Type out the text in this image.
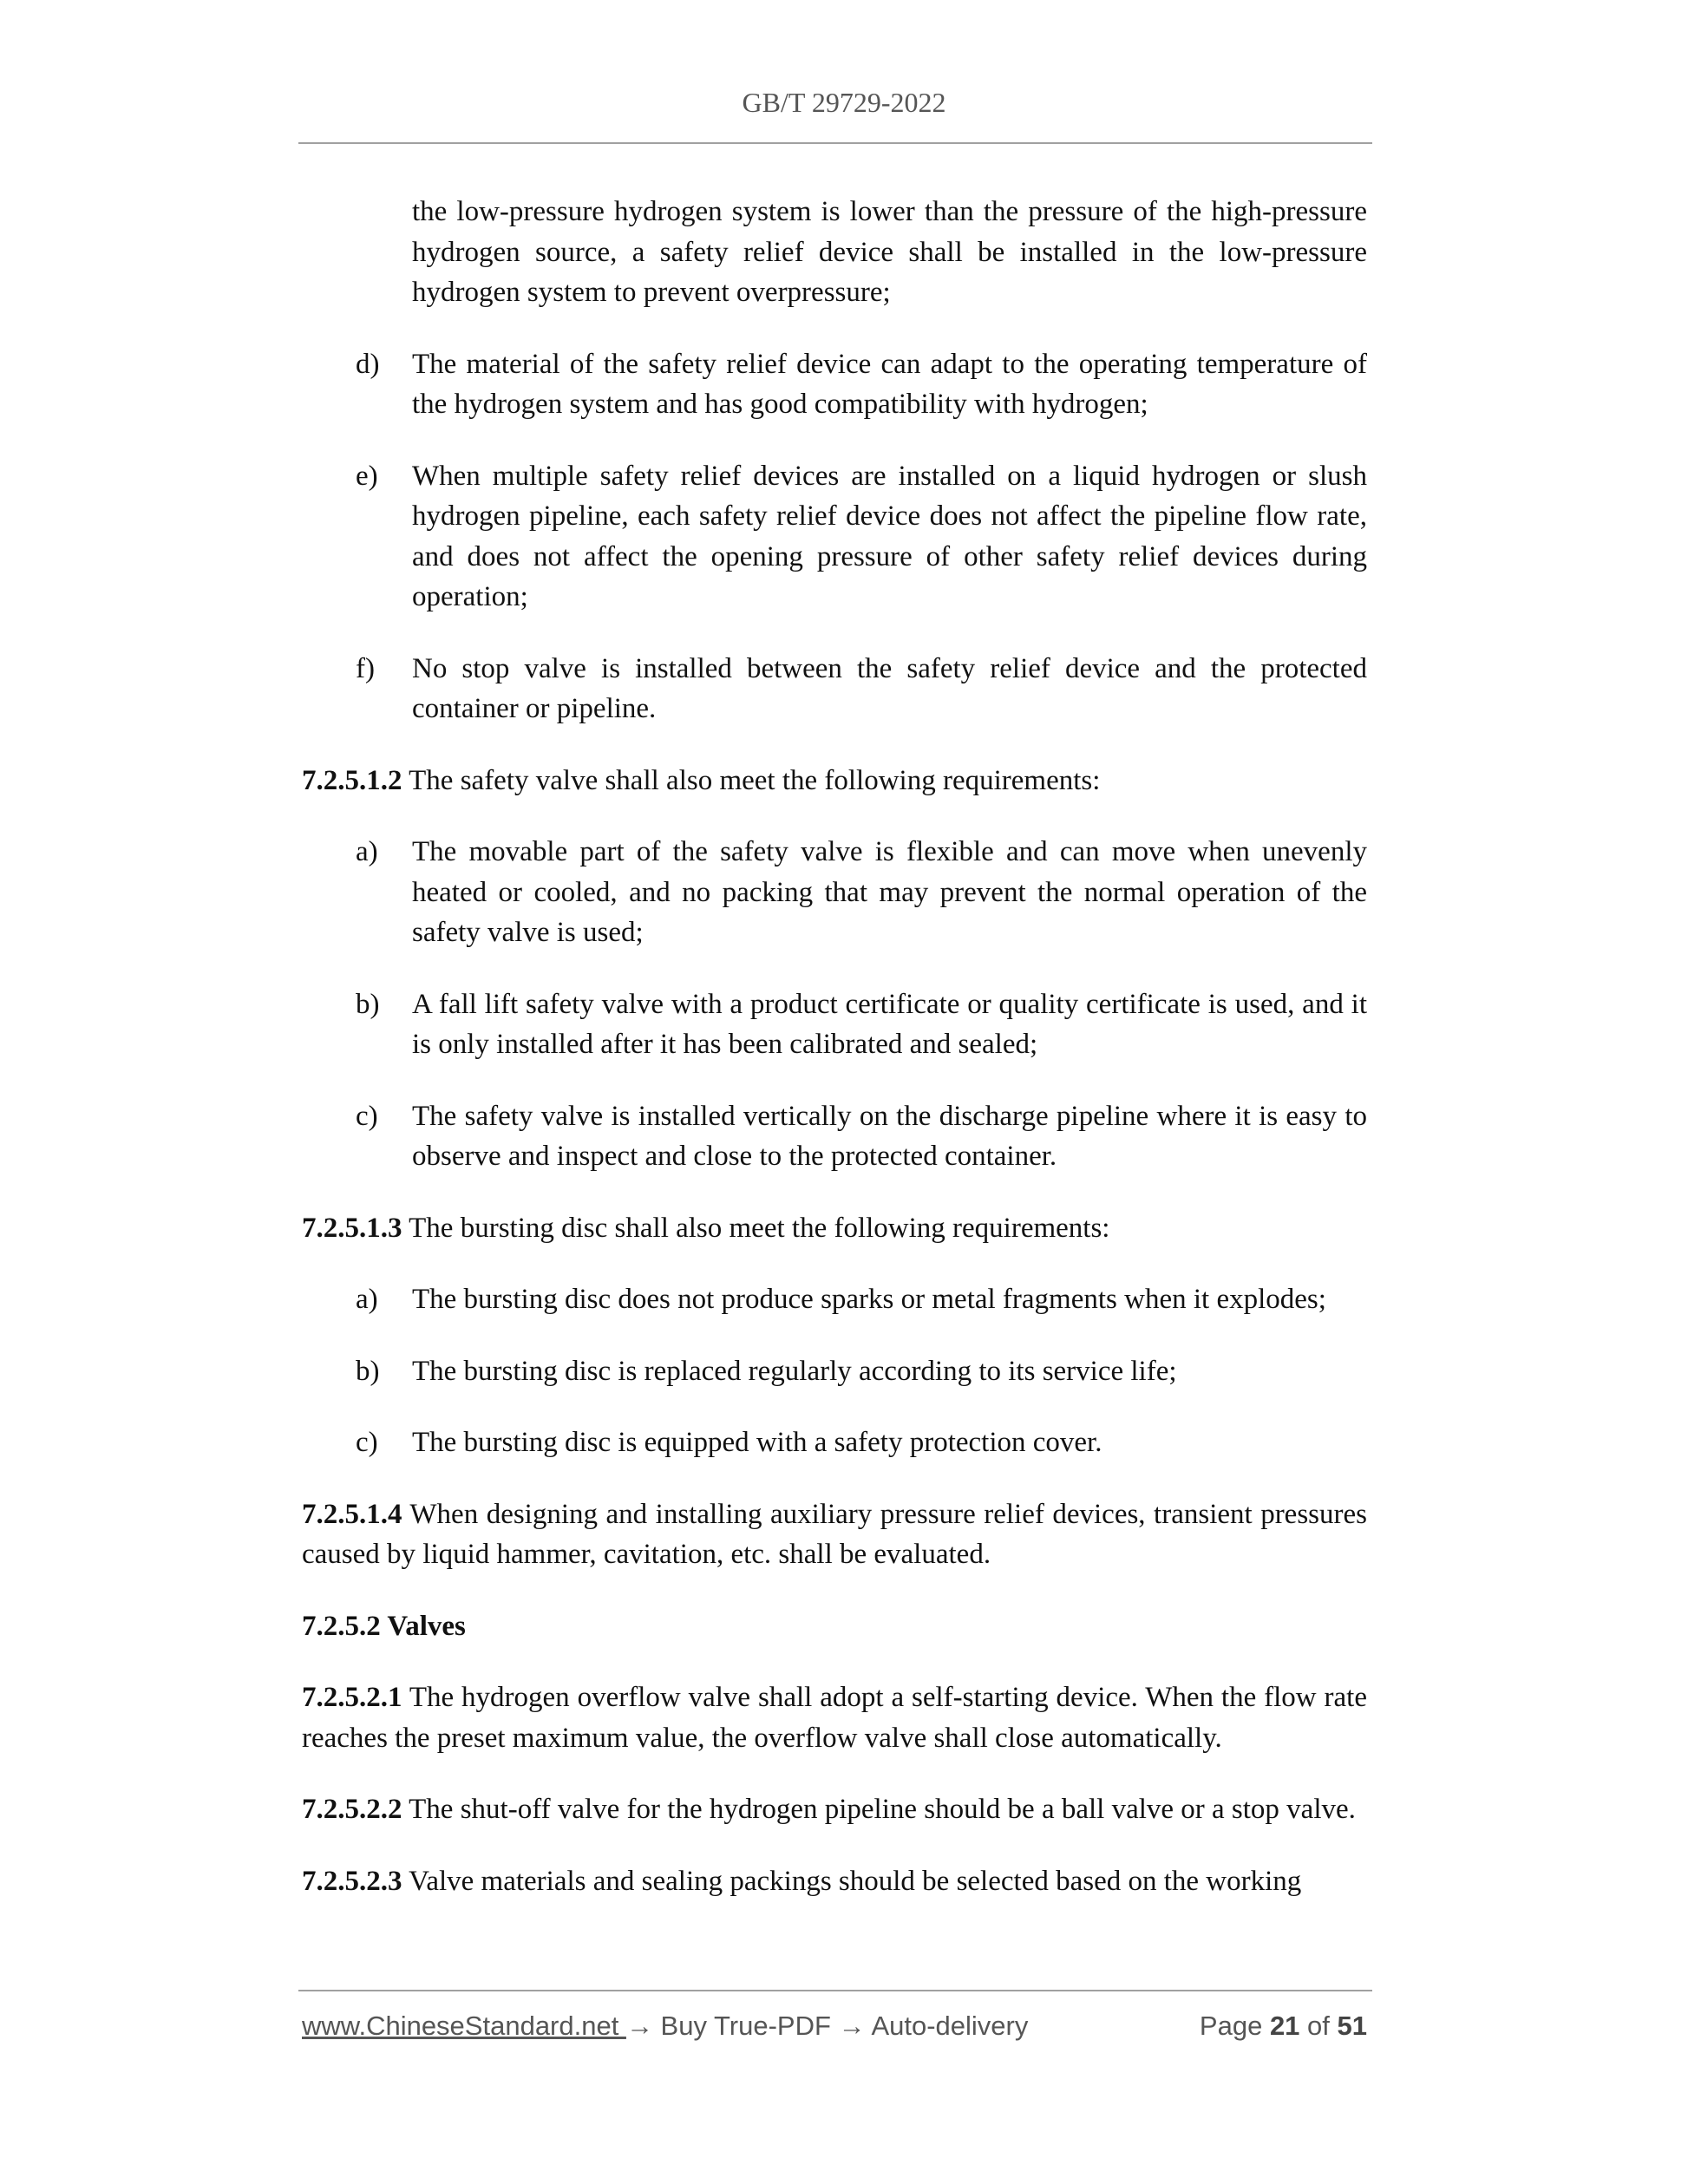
GB/T 29729-2022

the low-pressure hydrogen system is lower than the pressure of the high-pressure hydrogen source, a safety relief device shall be installed in the low-pressure hydrogen system to prevent overpressure;

d)	The material of the safety relief device can adapt to the operating temperature of the hydrogen system and has good compatibility with hydrogen;
e)	When multiple safety relief devices are installed on a liquid hydrogen or slush hydrogen pipeline, each safety relief device does not affect the pipeline flow rate, and does not affect the opening pressure of other safety relief devices during operation;
f)	No stop valve is installed between the safety relief device and the protected container or pipeline.

7.2.5.1.2 The safety valve shall also meet the following requirements:

a)	The movable part of the safety valve is flexible and can move when unevenly heated or cooled, and no packing that may prevent the normal operation of the safety valve is used;
b)	A fall lift safety valve with a product certificate or quality certificate is used, and it is only installed after it has been calibrated and sealed;
c)	The safety valve is installed vertically on the discharge pipeline where it is easy to observe and inspect and close to the protected container.

7.2.5.1.3 The bursting disc shall also meet the following requirements:

a)	The bursting disc does not produce sparks or metal fragments when it explodes;
b)	The bursting disc is replaced regularly according to its service life;
c)	The bursting disc is equipped with a safety protection cover.

7.2.5.1.4 When designing and installing auxiliary pressure relief devices, transient pressures caused by liquid hammer, cavitation, etc. shall be evaluated.

7.2.5.2 Valves

7.2.5.2.1 The hydrogen overflow valve shall adopt a self-starting device. When the flow rate reaches the preset maximum value, the overflow valve shall close automatically.

7.2.5.2.2 The shut-off valve for the hydrogen pipeline should be a ball valve or a stop valve.

7.2.5.2.3 Valve materials and sealing packings should be selected based on the working

www.ChineseStandard.net → Buy True-PDF → Auto-delivery	Page 21 of 51
